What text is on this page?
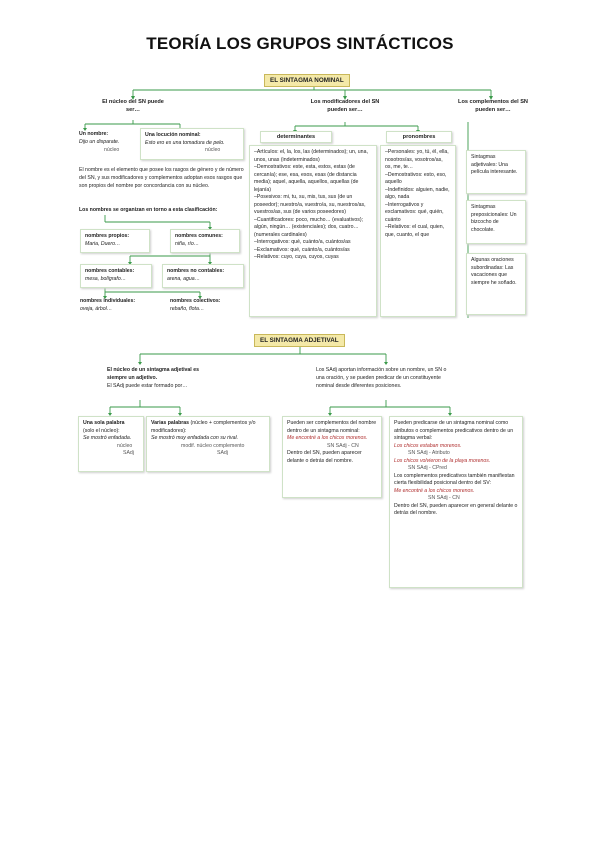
TEORÍA LOS GRUPOS SINTÁCTICOS
EL SINTAGMA NOMINAL
El núcleo del SN puede ser…
Los modificadores del SN pueden ser…
Los complementos del SN pueden ser…
Un nombre:
Dijo un disparate.
núcleo
Una locución nominal:
Esto ero es una tomadura de pelo.
núcleo
El nombre es el elemento que posee los rasgos de género y de número del SN, y sus modificadores y complementos adoptan esos rasgos que son propios del nombre por concordancia con su núcleo.
Los nombres se organizan en torno a esta clasificación:
nombres propios:
Maria, Duero…
nombres comunes:
niña, río…
nombres contables:
mesa, bolígrafo…
nombres no contables:
arena, agua…
nombres individuales:
oveja, árbol…
nombres colectivos:
rebaño, flota…
determinantes	pronombres
–Artículos: el, la, los, las (determinados); un, una, unos, unas (indeterminados)
–Demostrativos: este, esta, estos, estas (de cercanía); ese, esa, esos, esas (de distancia media); aquel, aquella, aquellos, aquellas (de lejanía)
–Posesivos: mi, tu, su, mis, tus, sus (de un poseedor); nuestro/a, vuestro/a, su, nuestros/as, vuestros/as, sus (de varios poseedores)
–Cuantificadores: poco, mucho… (evaluativos); algún, ningún… (existenciales); dos, cuatro… (numerales cardinales)
–Interrogativos: qué, cuánto/a, cuántos/as
–Exclamativos: qué, cuánto/a, cuántos/as
–Relativos: cuyo, cuya, cuyos, cuyas
–Personales: yo, tú, él, ella, nosotros/as, vosotros/as, os, me, te…
–Demostrativos: esto, eso, aquello
–Indefinidos: alguien, nadie, algo, nada
–Interrogativos y exclamativos: qué, quién, cuánto
–Relativos: el cual, quien, que, cuanto, el que
Sintagmas adjetivales: Una película interesante.
Sintagmas preposicionales: Un bizcocho de chocolate.
Algunas oraciones subordinadas: Las vacaciones que siempre he soñado.
EL SINTAGMA ADJETIVAL
El núcleo de un sintagma adjetival es siempre un adjetivo.
El SAdj puede estar formado por…
Los SAdj aportan información sobre un nombre, un SN o una oración, y se pueden predicar de un constituyente nominal desde diferentes posiciones.
Una sola palabra
(solo el núcleo):
Se mostró enfadada.
núcleo
SAdj
Varias palabras (núcleo + complementos y/o modificadores):
Se mostró muy enfadada con su rival.
modif. núcleo complemento
SAdj
Pueden ser complementos del nombre dentro de un sintagma nominal:
Me encontré a los chicos morenos.
SN SAdj - CN
Dentro del SN, pueden aparecer delante o detrás del nombre.
Pueden predicarse de un sintagma nominal como atributos o complementos predicativos dentro de un sintagma verbal:
Los chicos estaban morenos.
SN SAdj - Atributo
Los chicos volvieron de la playa morenos.
SN SAdj - CPred
Los complementos predicativos también manifiestan cierta flexibilidad posicional dentro del SV:
Me encontré a los chicos morenos.
SN SAdj - CN
Dentro del SN, pueden aparecer en general delante o detrás del nombre.
